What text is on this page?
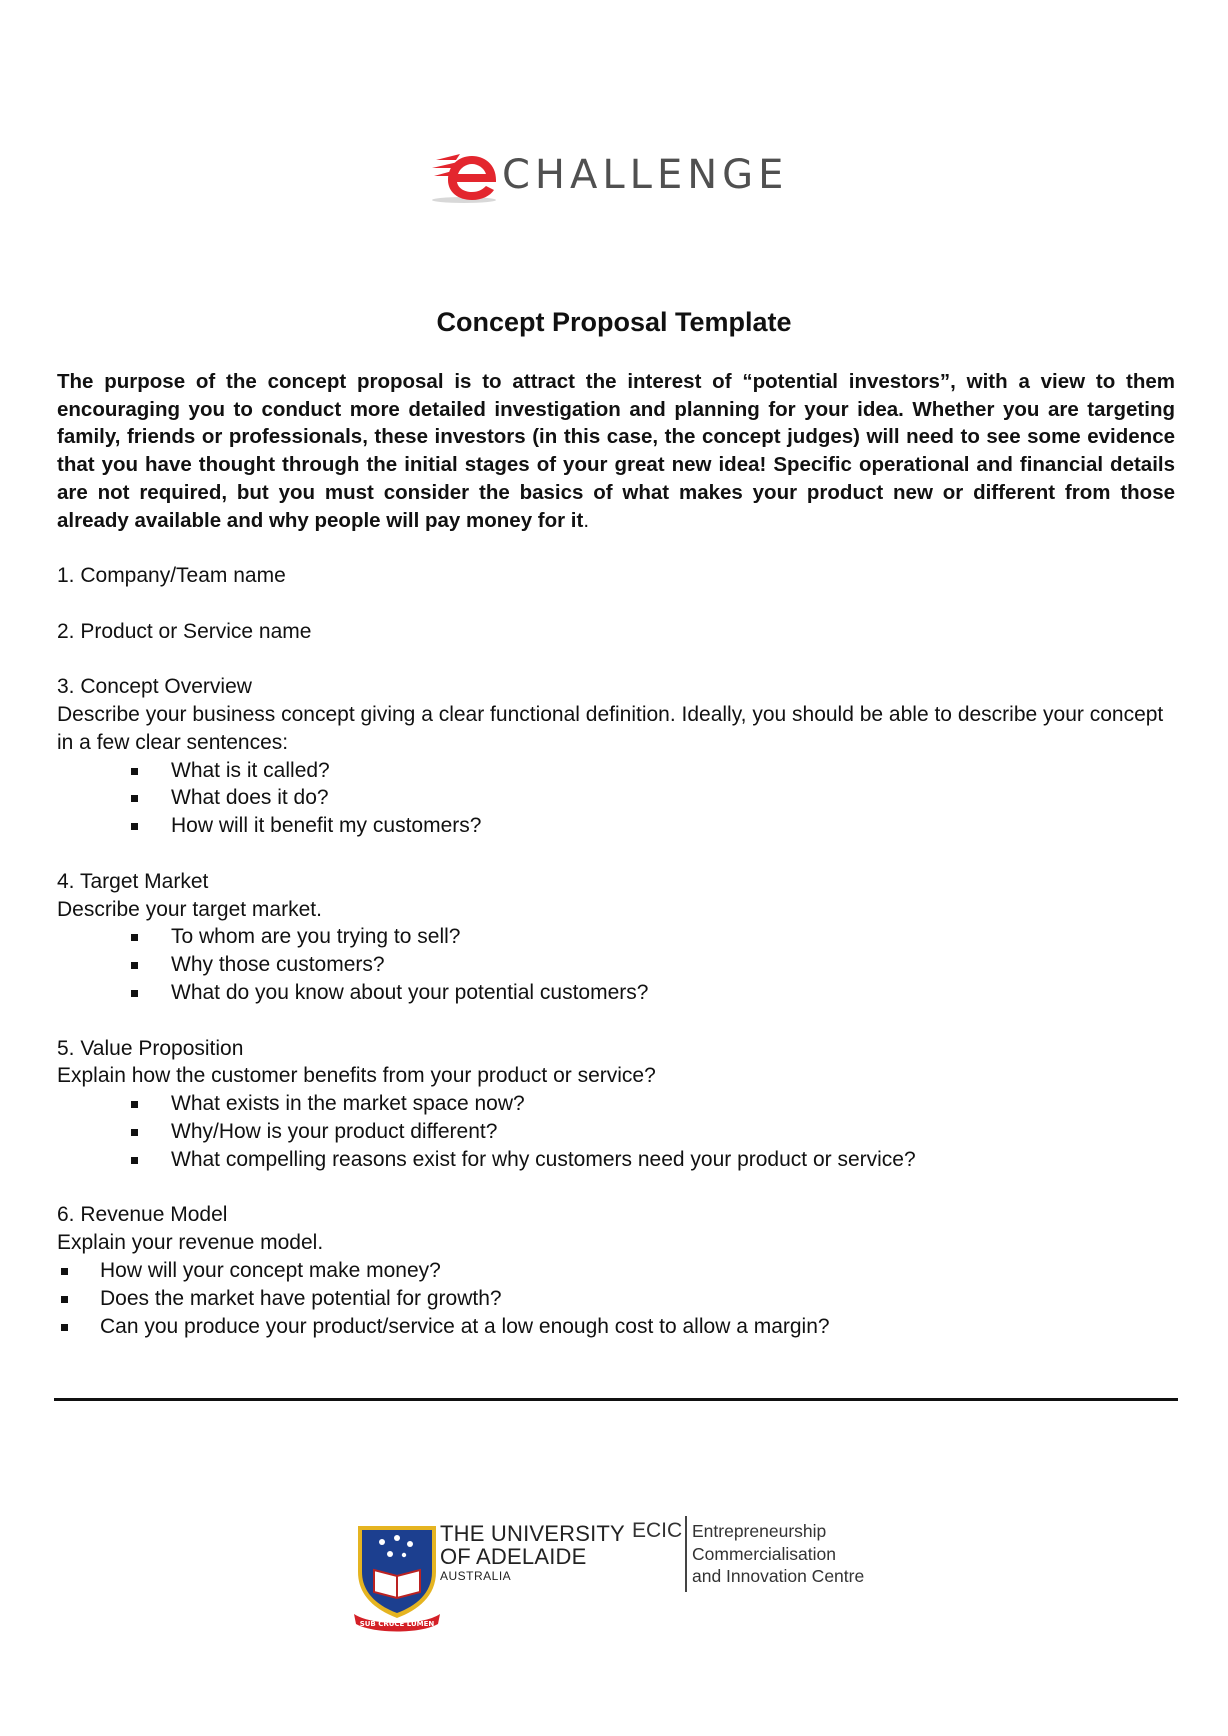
CHALLENGE
Concept Proposal Template

The purpose of the concept proposal is to attract the interest of “potential investors”, with a view to them encouraging you to conduct more detailed investigation and planning for your idea. Whether you are targeting family, friends or professionals, these investors (in this case, the concept judges) will need to see some evidence that you have thought through the initial stages of your great new idea! Specific operational and financial details are not required, but you must consider the basics of what makes your product new or different from those already available and why people will pay money for it.

1. Company/Team name

2. Product or Service name

3. Concept Overview

Describe your business concept giving a clear functional definition. Ideally, you should be able to describe your concept in a few clear sentences:

What is it called?
What does it do?
How will it benefit my customers?

4. Target Market

Describe your target market.

To whom are you trying to sell?
Why those customers?
What do you know about your potential customers?

5. Value Proposition

Explain how the customer benefits from your product or service?

What exists in the market space now?
Why/How is your product different?
What compelling reasons exist for why customers need your product or service?

6. Revenue Model

Explain your revenue model.

How will your concept make money?
Does the market have potential for growth?
Can you produce your product/service at a low enough cost to allow a margin?
SUB CRUCE LUMEN
THE UNIVERSITY
OF ADELAIDE
AUSTRALIA
ECIC Entrepreneurship
Commercialisation
and Innovation Centre
